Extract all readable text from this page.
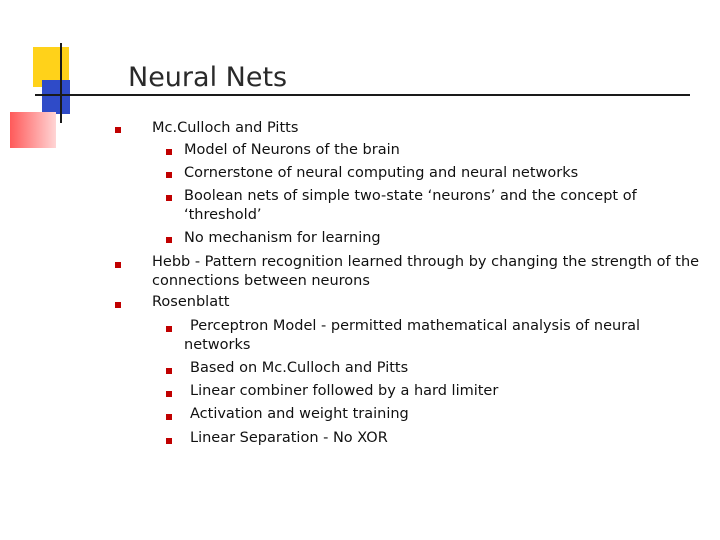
Neural Nets
Mc.Culloch and Pitts
Model of Neurons of the brain
Cornerstone of neural computing and neural networks
Boolean nets of simple two-state ‘neurons’ and the concept of
‘threshold’
No mechanism for learning
Hebb - Pattern recognition learned through by changing the strength of the
connections between neurons
Rosenblatt
Perceptron Model - permitted mathematical analysis of neural
networks
Based on Mc.Culloch and Pitts
Linear combiner followed by a hard limiter
Activation and weight training
Linear Separation - No XOR
